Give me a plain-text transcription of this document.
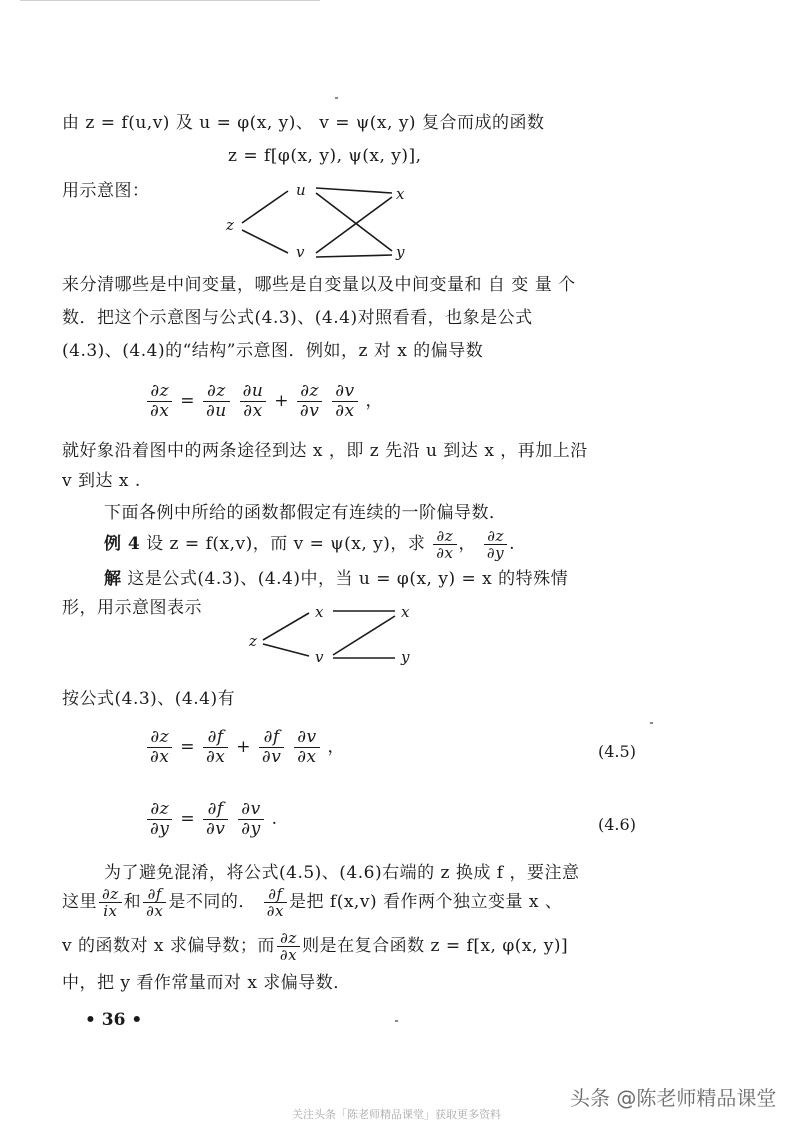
由 z = f(u,v) 及 u = φ(x, y)、 v = ψ(x, y) 复合而成的函数
z = f[φ(x, y), ψ(x, y)],
用示意图：
z
u
v
x
y
来分清哪些是中间变量，哪些是自变量以及中间变量和 自 变 量 个
数．把这个示意图与公式(4.3)、(4.4)对照看看，也象是公式
(4.3)、(4.4)的“结构”示意图．例如，z 对 x 的偏导数
$\frac{\partial z}{\partial x} = \frac{\partial z}{\partial u}$
$\frac{\partial u}{\partial x} + \frac{\partial z}{\partial v}$
$\frac{\partial v}{\partial x}$ ，
就好象沿着图中的两条途径到达 x ，即 z 先沿 u 到达 x ，再加上沿
v 到达 x .
下面各例中所给的函数都假定有连续的一阶偏导数．
例 4 设 z = f(x,v)，而 v = ψ(x, y)，求 $\frac{\partial z}{\partial x}$ ， $\frac{\partial z}{\partial y}$ .
解 这是公式(4.3)、(4.4)中，当 u = φ(x, y) = x 的特殊情
形，用示意图表示
z
x
v
x
y
按公式(4.3)、(4.4)有
$\frac{\partial z}{\partial x} = \frac{\partial f}{\partial x} + \frac{\partial f}{\partial v}$
$\frac{\partial v}{\partial x}$ ，	(4.5)
$\frac{\partial z}{\partial y} = \frac{\partial f}{\partial v}$
$\frac{\partial v}{\partial y}$ .	(4.6)
为了避免混淆，将公式(4.5)、(4.6)右端的 z 换成 f ，要注意
这里 $\frac{\partial z}{ix}$ 和 $\frac{\partial f}{\partial x}$ 是不同的． $\frac{\partial f}{\partial x}$ 是把 f(x,v) 看作两个独立变量 x 、
v 的函数对 x 求偏导数；而 $\frac{\partial z}{\partial x}$ 则是在复合函数 z = f[x, φ(x, y)]
中，把 y 看作常量而对 x 求偏导数．
• 36 •
头条 @陈老师精品课堂
关注头条「陈老师精品课堂」获取更多资料
